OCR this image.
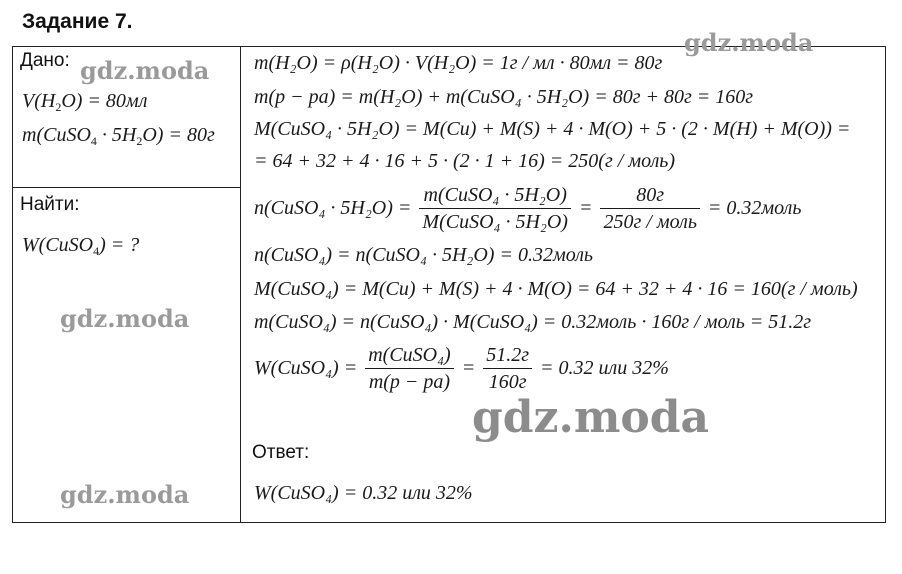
Задание 7.
Дано:
$V(H_2O) = 80мл$
m(CuSO$_4$ · $5H_2O) = 80г$
Найти:
W(CuSO$_4$) = ?
m(H₂O) = ρ(H₂O) · V(H₂O) = 1г / мл · 80мл = 80г
m(p − pa) = m(H₂O) + m(CuSO₄ · 5H₂O) = 80г + 80г = 160г
M(CuSO₄ · 5H₂O) = M(Cu) + M(S) + 4 · M(O) + 5 · (2 · M(H) + M(O)) =
= 64 + 32 + 4 · 16 + 5 · (2 · 1 + 16) = 250(г / моль)
n(CuSO₄ · $5H_2O) = \frac{\text{m(CuSO₄ · 5H₂O)}}{\text{M(CuSO₄ · 5H₂O)}} = \frac{80г}{\text{250г / моль}}$ = 0.32моль
n(CuSO₄) = n(CuSO₄ · 5H₂O) = 0.32моль
M(CuSO₄) = M(Cu) + M(S) + 4 · M(O) = 64 + 32 + 4 · 16 = 160(г / моль)
m(CuSO₄) = n(CuSO₄) · M(CuSO₄) = 0.32моль · 160г / моль = 51.2г
W(CuSO₄) = $\frac{\text{m(CuSO₄)}}{m(p - pa)} = \frac{51.2г}{160г} = 0.32$ или 32%
Ответ:
W(CuSO₄) = 0.32 или 32%
gdz.moda
gdz.moda
gdz.moda
gdz.moda
gdz.moda
